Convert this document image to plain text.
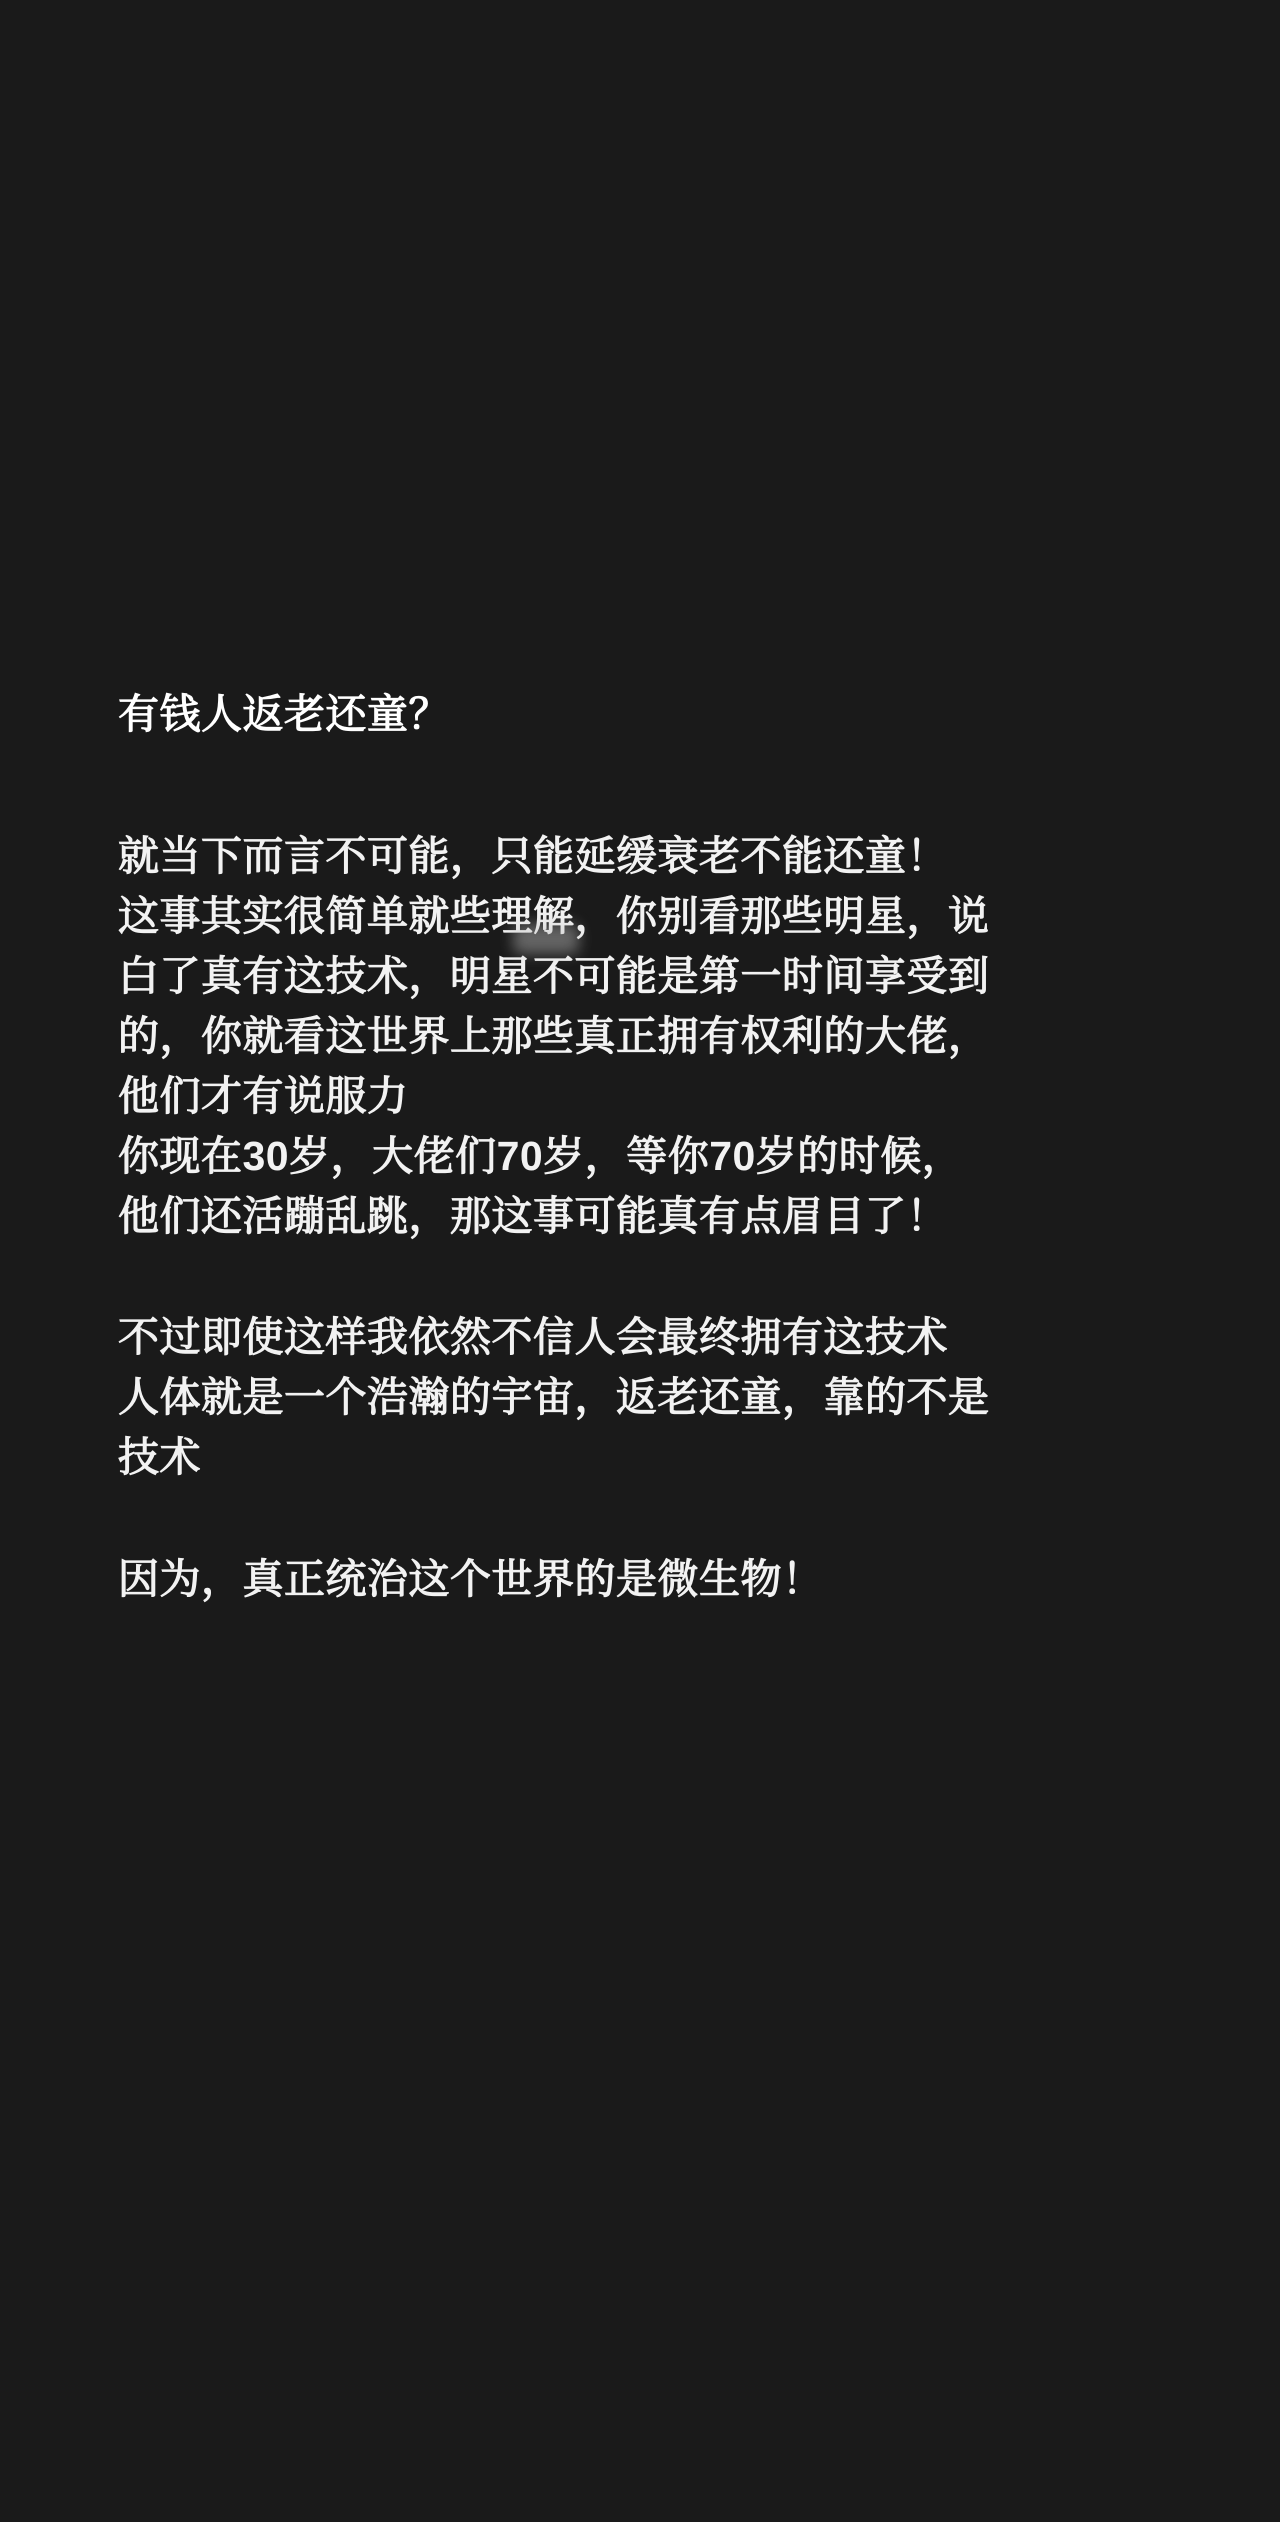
有钱人返老还童？

就当下而言不可能，只能延缓衰老不能还童！
这事其实很简单就些理解，你别看那些明星，说
白了真有这技术，明星不可能是第一时间享受到
的，你就看这世界上那些真正拥有权利的大佬，
他们才有说服力
你现在30岁，大佬们70岁，等你70岁的时候，
他们还活蹦乱跳，那这事可能真有点眉目了！

不过即使这样我依然不信人会最终拥有这技术
人体就是一个浩瀚的宇宙，返老还童，靠的不是
技术

因为，真正统治这个世界的是微生物！
